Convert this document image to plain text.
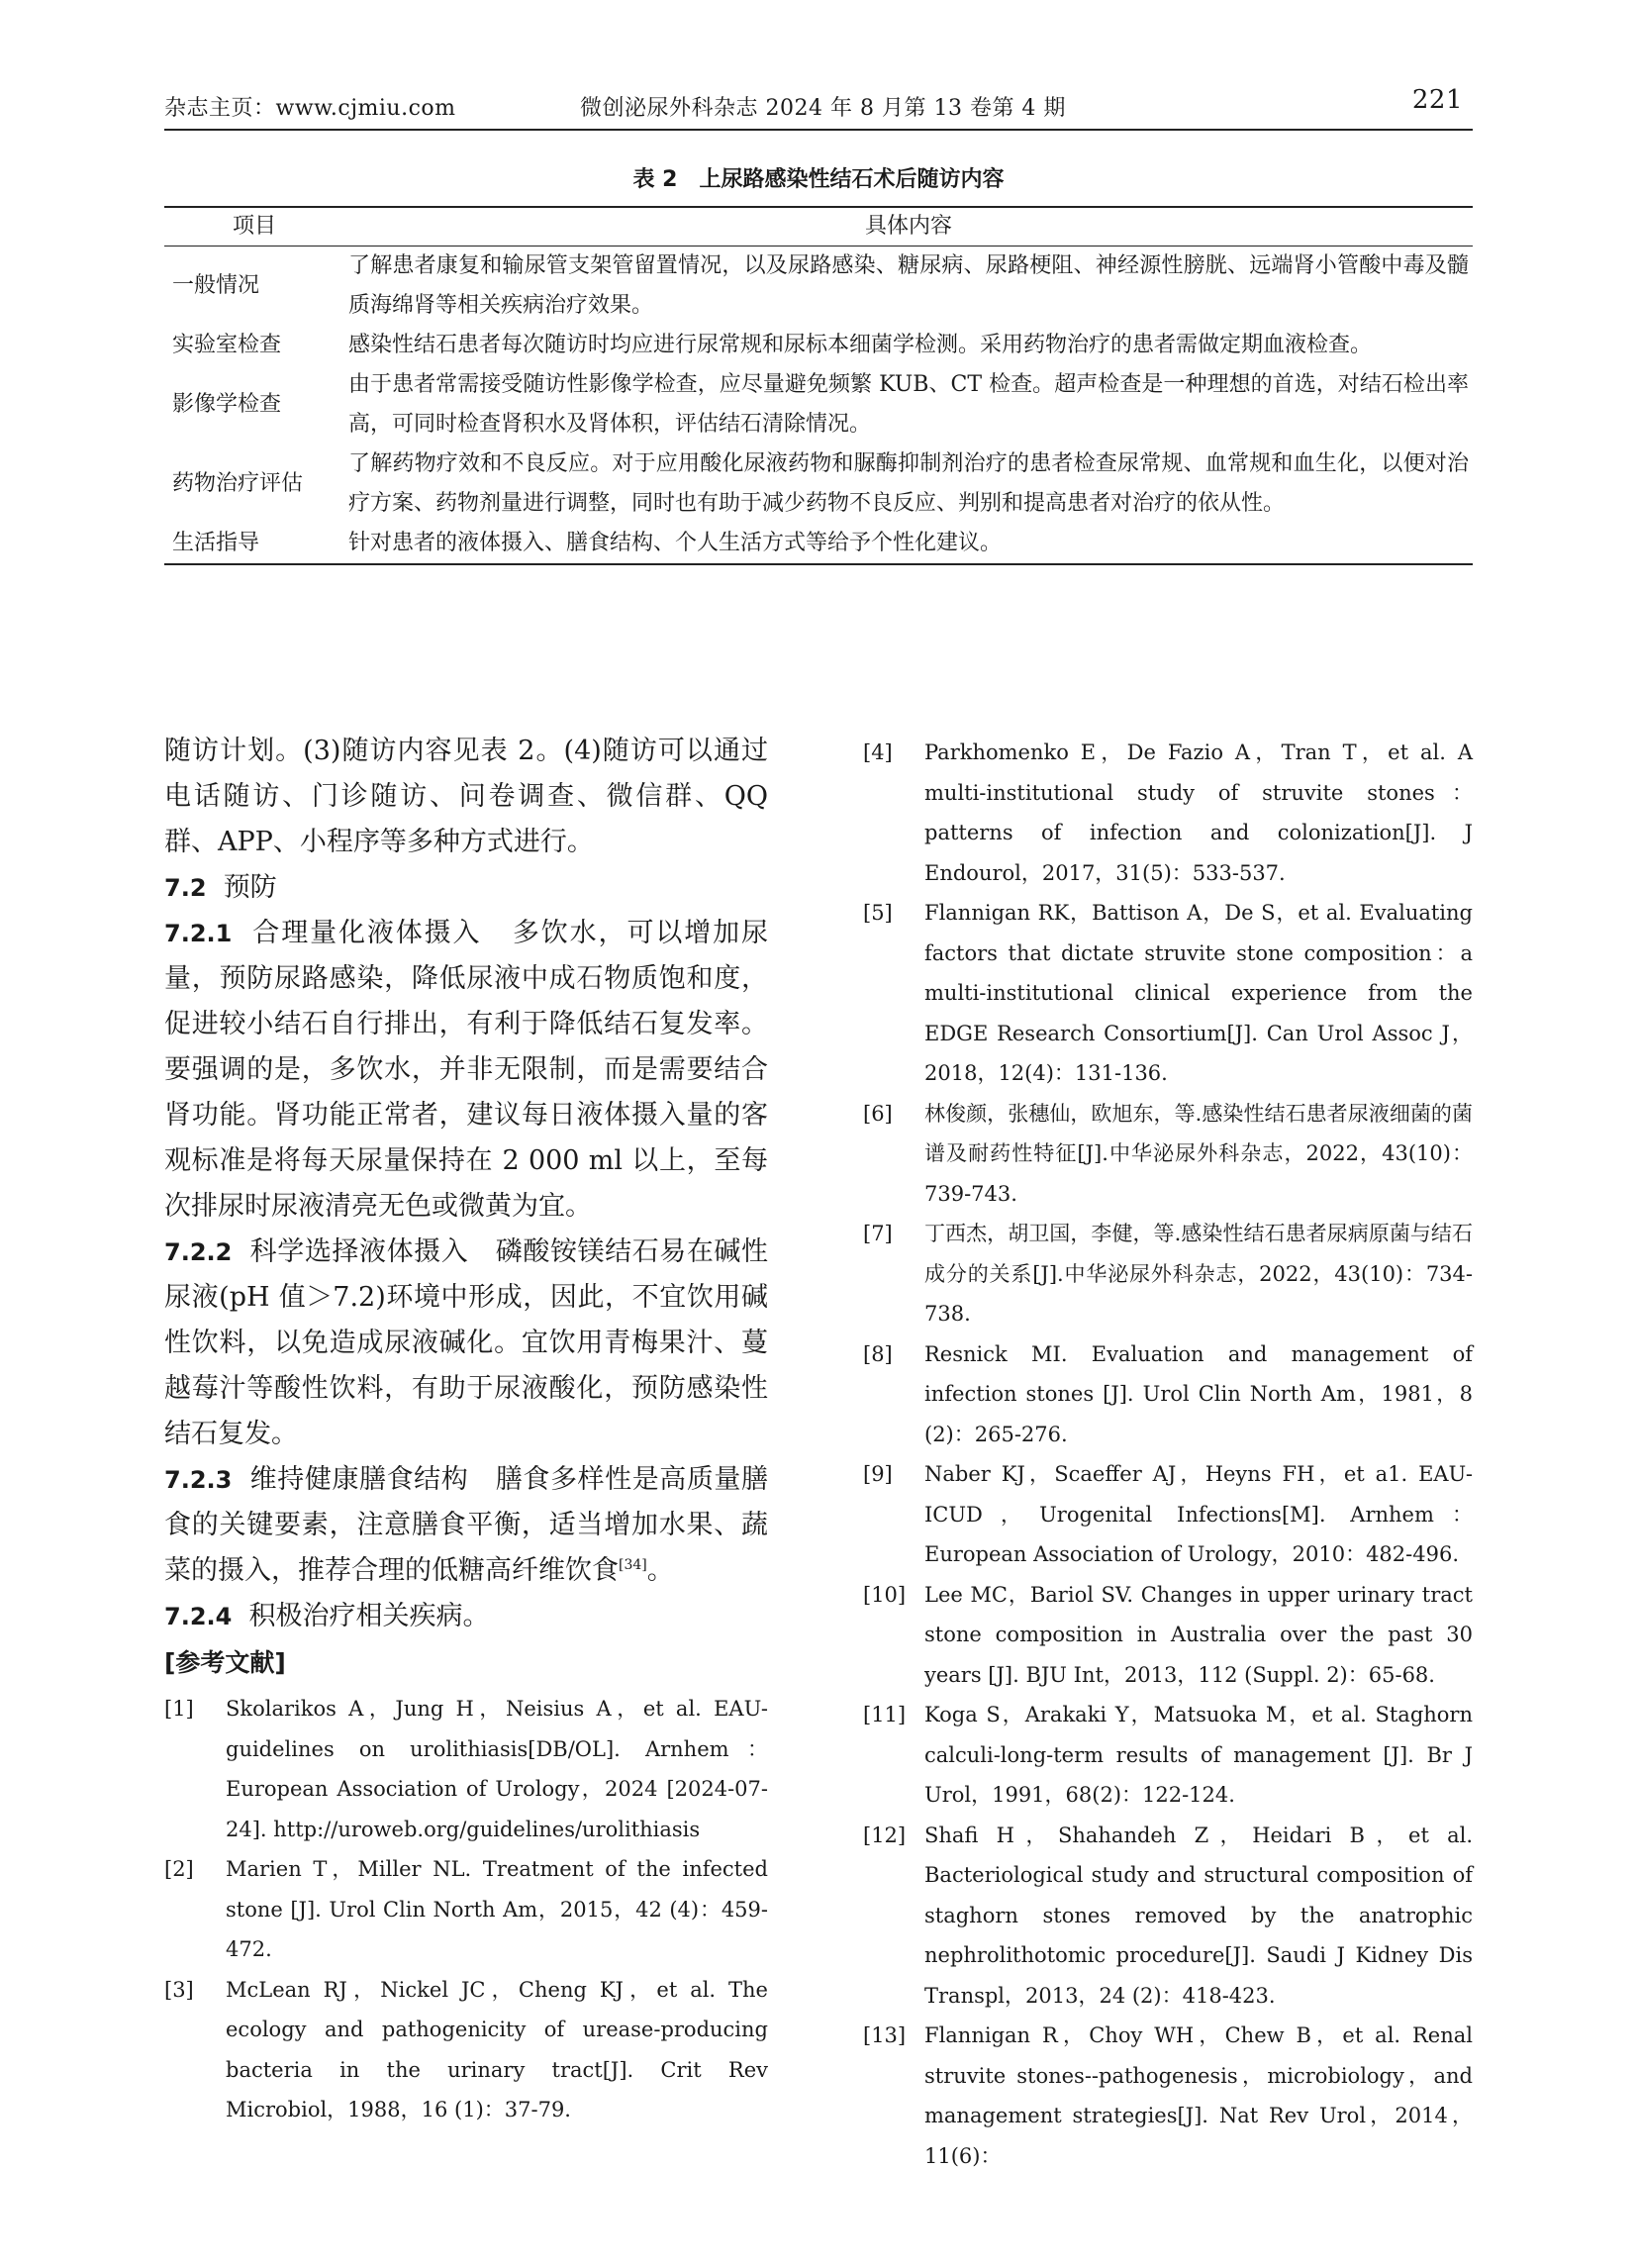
杂志主页：www.cjmiu.com	微创泌尿外科杂志 2024 年 8 月第 13 卷第 4 期	221
表 2　上尿路感染性结石术后随访内容
项目	具体内容
一般情况	了解患者康复和输尿管支架管留置情况，以及尿路感染、糖尿病、尿路梗阻、神经源性膀胱、远端肾小管酸中毒及髓质海绵肾等相关疾病治疗效果。
实验室检查	感染性结石患者每次随访时均应进行尿常规和尿标本细菌学检测。采用药物治疗的患者需做定期血液检查。
影像学检查	由于患者常需接受随访性影像学检查，应尽量避免频繁 KUB、CT 检查。超声检查是一种理想的首选，对结石检出率高，可同时检查肾积水及肾体积，评估结石清除情况。
药物治疗评估	了解药物疗效和不良反应。对于应用酸化尿液药物和脲酶抑制剂治疗的患者检查尿常规、血常规和血生化，以便对治疗方案、药物剂量进行调整，同时也有助于减少药物不良反应、判别和提高患者对治疗的依从性。
生活指导	针对患者的液体摄入、膳食结构、个人生活方式等给予个性化建议。

随访计划。(3)随访内容见表 2。(4)随访可以通过电话随访、门诊随访、问卷调查、微信群、QQ 群、APP、小程序等多种方式进行。

7.2 预防

7.2.1 合理量化液体摄入 多饮水，可以增加尿量，预防尿路感染，降低尿液中成石物质饱和度，促进较小结石自行排出，有利于降低结石复发率。要强调的是，多饮水，并非无限制，而是需要结合肾功能。肾功能正常者，建议每日液体摄入量的客观标准是将每天尿量保持在 2 000 ml 以上，至每次排尿时尿液清亮无色或微黄为宜。

7.2.2 科学选择液体摄入 磷酸铵镁结石易在碱性尿液(pH 值＞7.2)环境中形成，因此，不宜饮用碱性饮料，以免造成尿液碱化。宜饮用青梅果汁、蔓越莓汁等酸性饮料，有助于尿液酸化，预防感染性结石复发。

7.2.3 维持健康膳食结构 膳食多样性是高质量膳食的关键要素，注意膳食平衡，适当增加水果、蔬菜的摄入，推荐合理的低糖高纤维饮食[34]。

7.2.4 积极治疗相关疾病。

[参考文献]
[1] Skolarikos A，Jung H，Neisius A，et al. EAU-guidelines on urolithiasis[DB/OL]. Arnhem：European Association of Urology，2024 [2024-07-24]. http://uroweb.org/guidelines/urolithiasis
[2] Marien T，Miller NL. Treatment of the infected stone [J]. Urol Clin North Am，2015，42 (4)：459-472.
[3] McLean RJ，Nickel JC，Cheng KJ，et al. The ecology and pathogenicity of urease-producing bacteria in the urinary tract[J]. Crit Rev Microbiol，1988，16 (1)：37-79.
[4] Parkhomenko E，De Fazio A，Tran T，et al. A multi-institutional study of struvite stones：patterns of infection and colonization[J]. J Endourol，2017，31(5)：533-537.
[5] Flannigan RK，Battison A，De S，et al. Evaluating factors that dictate struvite stone composition：a multi-institutional clinical experience from the EDGE Research Consortium[J]. Can Urol Assoc J，2018，12(4)：131-136.
[6] 林俊颜，张穗仙，欧旭东，等.感染性结石患者尿液细菌的菌谱及耐药性特征[J].中华泌尿外科杂志，2022，43(10)：739-743.
[7] 丁西杰，胡卫国，李健，等.感染性结石患者尿病原菌与结石成分的关系[J].中华泌尿外科杂志，2022，43(10)：734-738.
[8] Resnick MI. Evaluation and management of infection stones [J]. Urol Clin North Am，1981，8 (2)：265-276.
[9] Naber KJ，Scaeffer AJ，Heyns FH，et a1. EAU-ICUD，Urogenital Infections[M]. Arnhem：European Association of Urology，2010：482-496.
[10] Lee MC，Bariol SV. Changes in upper urinary tract stone composition in Australia over the past 30 years [J]. BJU Int，2013，112 (Suppl. 2)：65-68.
[11] Koga S，Arakaki Y，Matsuoka M，et al. Staghorn calculi-long-term results of management [J]. Br J Urol，1991，68(2)：122-124.
[12] Shafi H，Shahandeh Z，Heidari B，et al. Bacteriological study and structural composition of staghorn stones removed by the anatrophic nephrolithotomic procedure[J]. Saudi J Kidney Dis Transpl，2013，24 (2)：418-423.
[13] Flannigan R，Choy WH，Chew B，et al. Renal struvite stones--pathogenesis，microbiology，and management strategies[J]. Nat Rev Urol，2014，11(6)：
